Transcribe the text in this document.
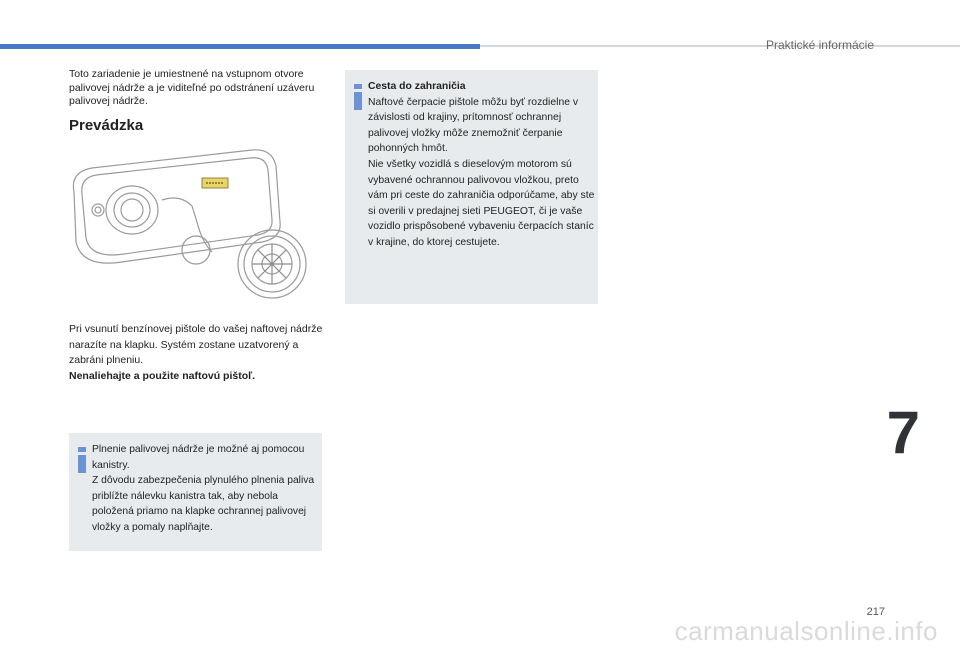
Praktické informácie
Toto zariadenie je umiestnené na vstupnom otvore palivovej nádrže a je viditeľné po odstránení uzáveru palivovej nádrže.
Prevádzka
Pri vsunutí benzínovej pištole do vašej naftovej nádrže narazíte na klapku. Systém zostane uzatvorený a zabráni plneniu.
Nenaliehajte a použite naftovú pištoľ.
Plnenie palivovej nádrže je možné aj pomocou kanistry.
Z dôvodu zabezpečenia plynulého plnenia paliva priblížte nálevku kanistra tak, aby nebola položená priamo na klapke ochrannej palivovej vložky a pomaly naplňajte.
Cesta do zahraničia
Naftové čerpacie pištole môžu byť rozdielne v závislosti od krajiny, prítomnosť ochrannej palivovej vložky môže znemožniť čerpanie pohonných hmôt.
Nie všetky vozidlá s dieselovým motorom sú vybavené ochrannou palivovou vložkou, preto vám pri ceste do zahraničia odporúčame, aby ste si overili v predajnej sieti PEUGEOT, či je vaše vozidlo prispôsobené vybaveniu čerpacích staníc v krajine, do ktorej cestujete.
7
217
carmanualsonline.info
